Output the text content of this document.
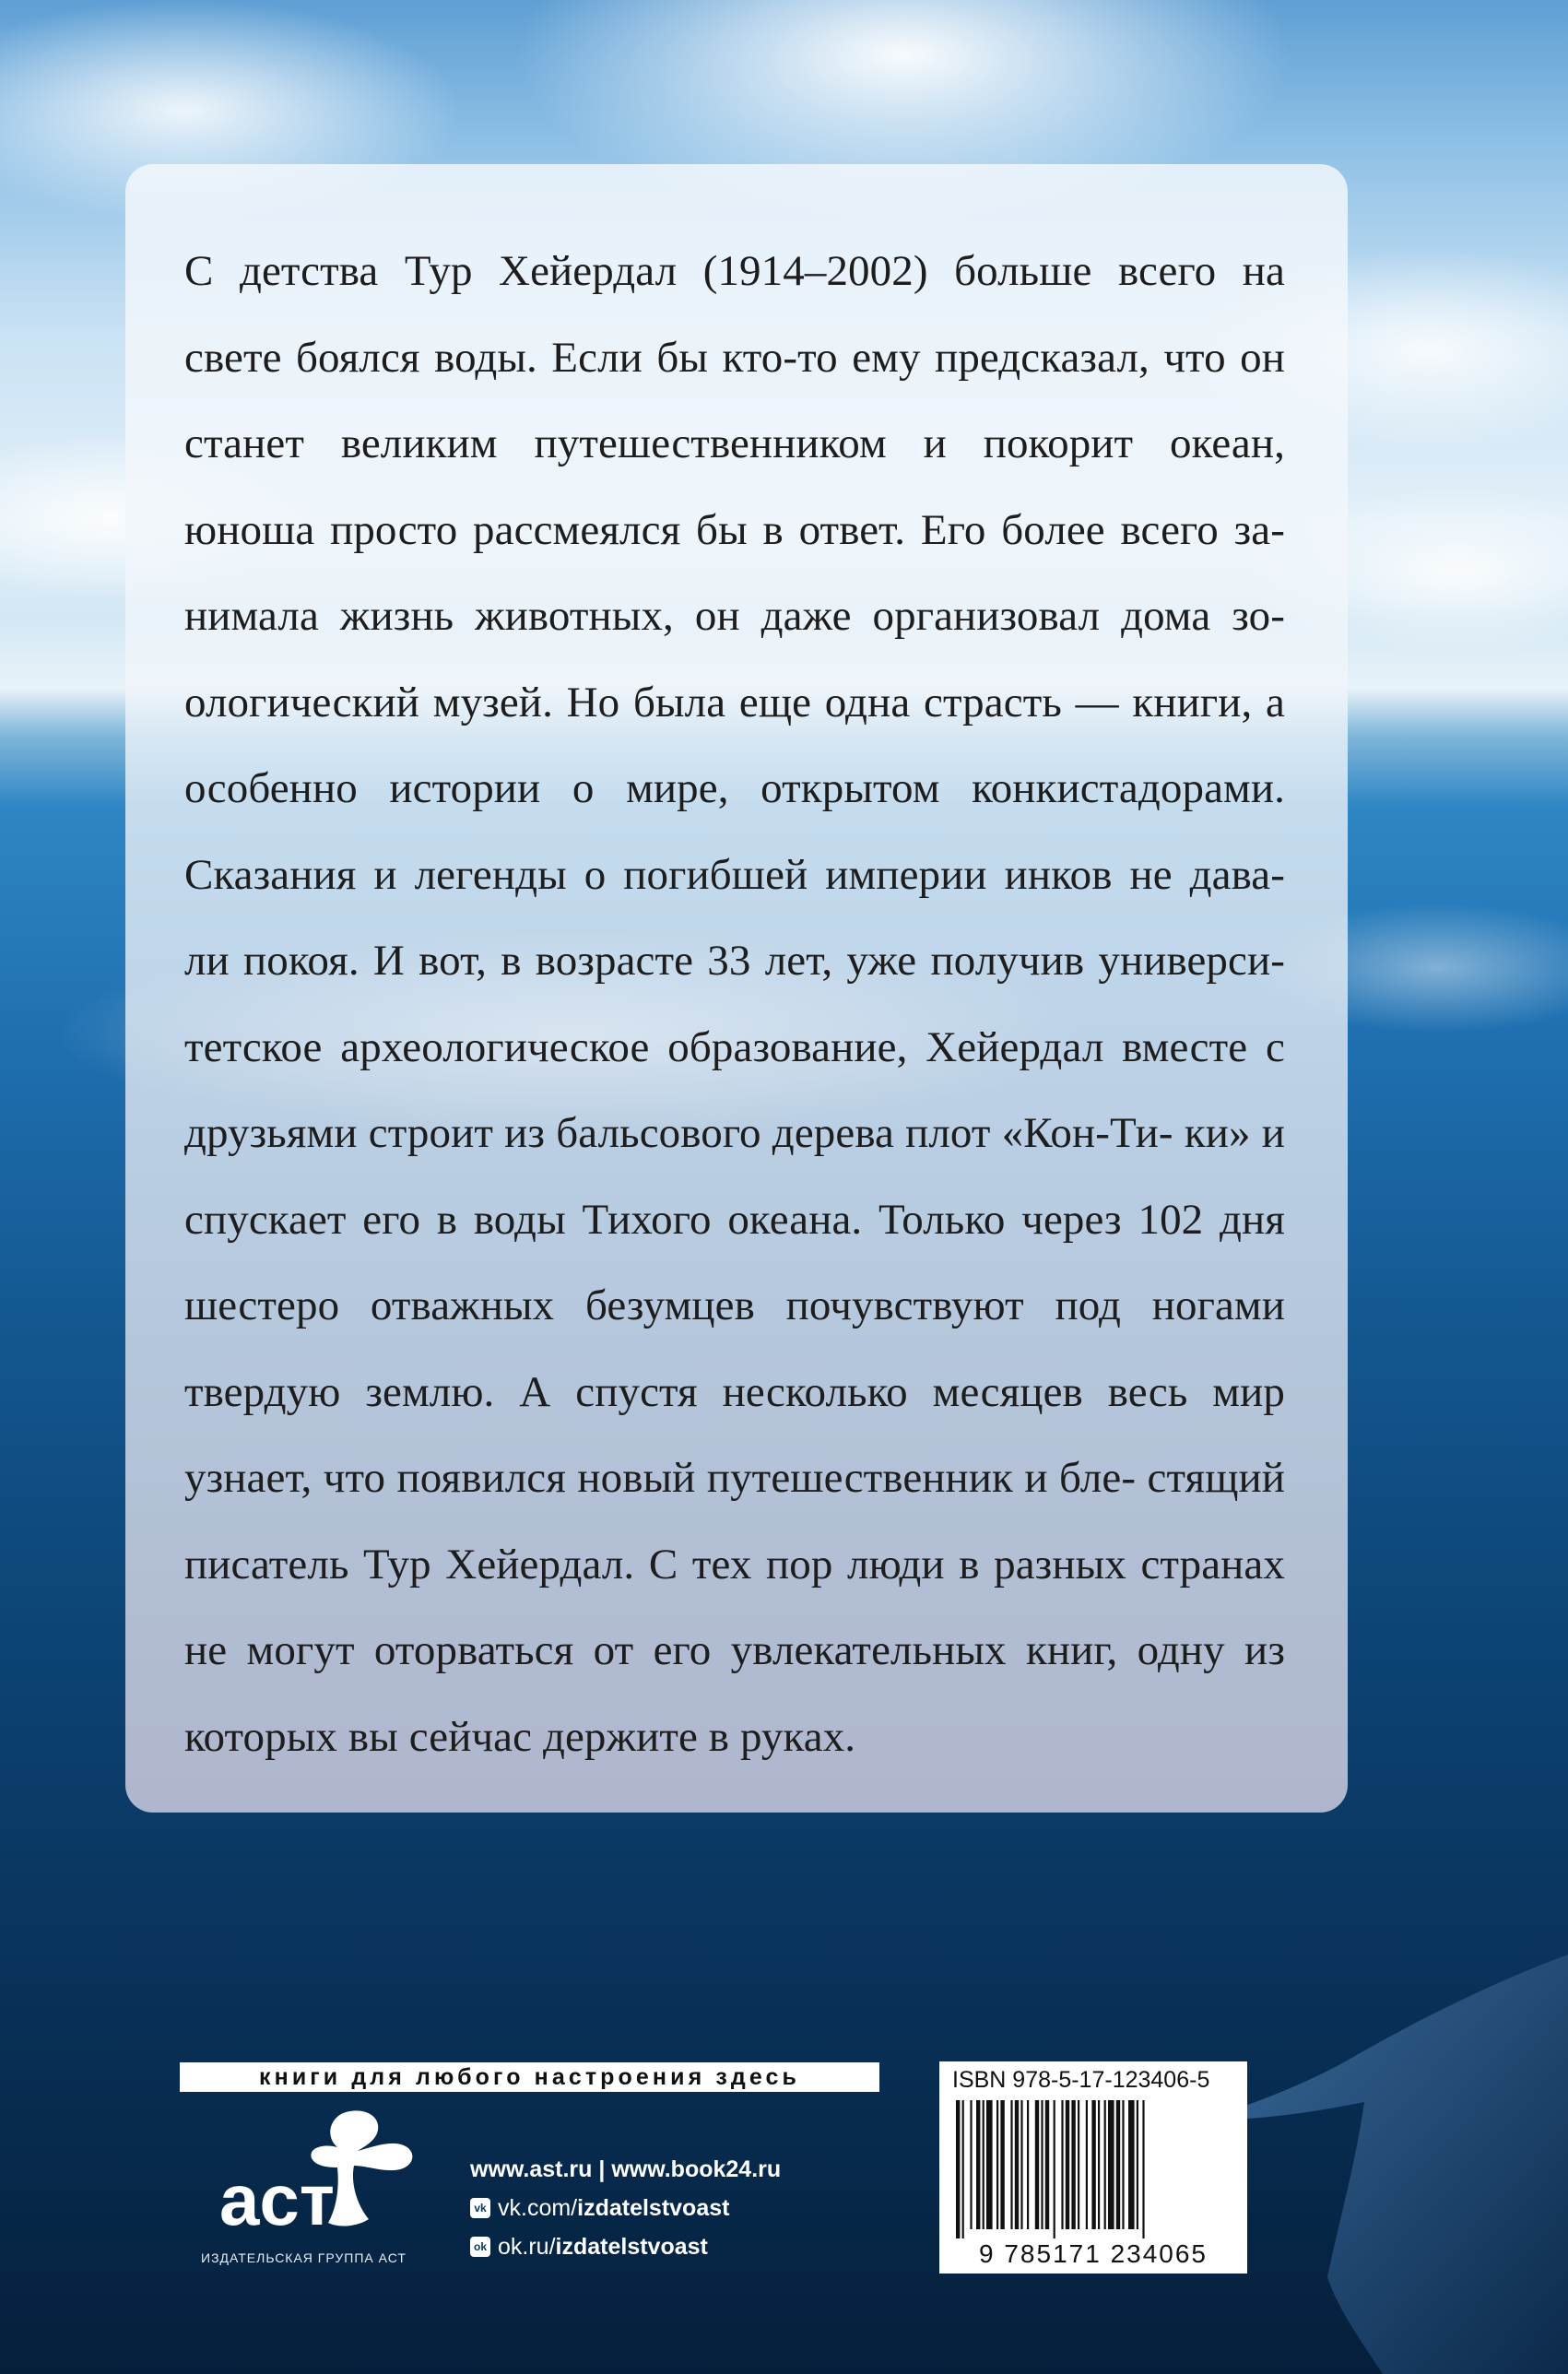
С детства Тур Хейердал (1914–2002) больше всего на свете боялся воды. Если бы кто-то ему предсказал, что он станет великим путешественником и покорит океан, юноша просто рассмеялся бы в ответ. Его более всего за- нимала жизнь животных, он даже организовал дома зо- ологический музей. Но была еще одна страсть — книги, а особенно истории о мире, открытом конкистадорами. Сказания и легенды о погибшей империи инков не дава- ли покоя. И вот, в возрасте 33 лет, уже получив универси- тетское археологическое образование, Хейердал вместе с друзьями строит из бальсового дерева плот «Кон-Ти- ки» и спускает его в воды Тихого океана. Только через 102 дня шестеро отважных безумцев почувствуют под ногами твердую землю. А спустя несколько месяцев весь мир узнает, что появился новый путешественник и бле- стящий писатель Тур Хейердал. С тех пор люди в разных странах не могут оторваться от его увлекательных книг, одну из которых вы сейчас держите в руках.

книги для любого настроения здесь
аст
ИЗДАТЕЛЬСКАЯ ГРУППА АСТ
www.ast.ru | www.book24.ru
vk vk.com/ izdatelstvoast
ok ok.ru/ izdatelstvoast
ISBN 978-5-17-123406-5
9 785171 234065
